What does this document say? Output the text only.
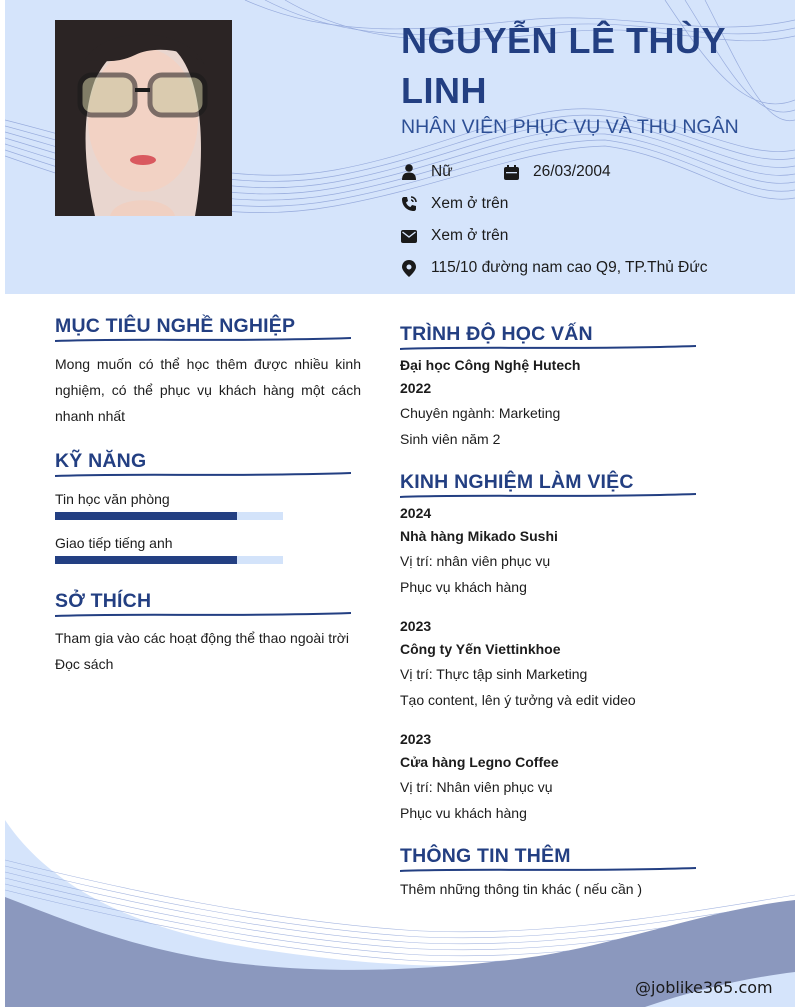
NGUYỄN LÊ THÙY LINH
NHÂN VIÊN PHỤC VỤ VÀ THU NGÂN
Nữ	26/03/2004
Xem ở trên
Xem ở trên
115/10 đường nam cao Q9, TP.Thủ Đức
MỤC TIÊU NGHỀ NGHIỆP
Mong muốn có thể học thêm được nhiều kinh nghiệm, có thể phục vụ khách hàng một cách nhanh nhất
KỸ NĂNG
Tin học văn phòng
Giao tiếp tiếng anh
SỞ THÍCH
Tham gia vào các hoạt động thể thao ngoài trời
Đọc sách
TRÌNH ĐỘ HỌC VẤN
Đại học Công Nghệ Hutech
2022
Chuyên ngành: Marketing
Sinh viên năm 2
KINH NGHIỆM LÀM VIỆC
2024
Nhà hàng Mikado Sushi
Vị trí: nhân viên phục vụ
Phục vụ khách hàng
2023
Công ty Yến Viettinkhoe
Vị trí: Thực tập sinh Marketing
Tạo content, lên ý tưởng và edit video
2023
Cửa hàng Legno Coffee
Vị trí: Nhân viên phục vụ
Phục vu khách hàng
THÔNG TIN THÊM
Thêm những thông tin khác ( nếu cần )
@joblike365.com
